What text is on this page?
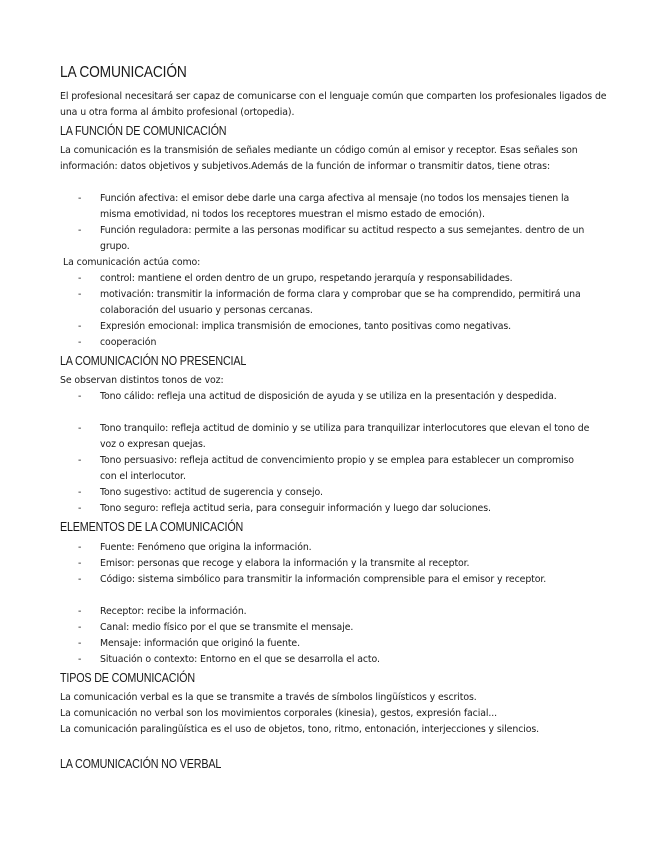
LA COMUNICACIÓN
El profesional necesitará ser capaz de comunicarse con el lenguaje común que comparten los profesionales ligados de una u otra forma al ámbito profesional (ortopedia).
LA FUNCIÓN DE COMUNICACIÓN
La comunicación es la transmisión de señales mediante un código común al emisor y receptor. Esas señales son información: datos objetivos y subjetivos.Además de la función de informar o transmitir datos, tiene otras:
- Función afectiva: el emisor debe darle una carga afectiva al mensaje (no todos los mensajes tienen la misma emotividad, ni todos los receptores muestran el mismo estado de emoción).
- Función reguladora: permite a las personas modificar su actitud respecto a sus semejantes. dentro de un grupo.
La comunicación actúa como:
- control: mantiene el orden dentro de un grupo, respetando jerarquía y responsabilidades.
- motivación: transmitir la información de forma clara y comprobar que se ha comprendido, permitirá una colaboración del usuario y personas cercanas.
- Expresión emocional: implica transmisión de emociones, tanto positivas como negativas.
- cooperación
LA COMUNICACIÓN NO PRESENCIAL
Se observan distintos tonos de voz:
- Tono cálido: refleja una actitud de disposición de ayuda y se utiliza en la presentación y despedida.
- Tono tranquilo: refleja actitud de dominio y se utiliza para tranquilizar interlocutores que elevan el tono de voz o expresan quejas.
- Tono persuasivo: refleja actitud de convencimiento propio y se emplea para establecer un compromiso con el interlocutor.
- Tono sugestivo: actitud de sugerencia y consejo.
- Tono seguro: refleja actitud seria, para conseguir información y luego dar soluciones.
ELEMENTOS DE LA COMUNICACIÓN
- Fuente: Fenómeno que origina la información.
- Emisor: personas que recoge y elabora la información y la transmite al receptor.
- Código: sistema simbólico para transmitir la información comprensible para el emisor y receptor.
- Receptor: recibe la información.
- Canal: medio físico por el que se transmite el mensaje.
- Mensaje: información que originó la fuente.
- Situación o contexto: Entorno en el que se desarrolla el acto.
TIPOS DE COMUNICACIÓN
La comunicación verbal es la que se transmite a través de símbolos lingüísticos y escritos.
La comunicación no verbal son los movimientos corporales (kinesia), gestos, expresión facial...
La comunicación paralingüística es el uso de objetos, tono, ritmo, entonación, interjecciones y silencios.
LA COMUNICACIÓN NO VERBAL
